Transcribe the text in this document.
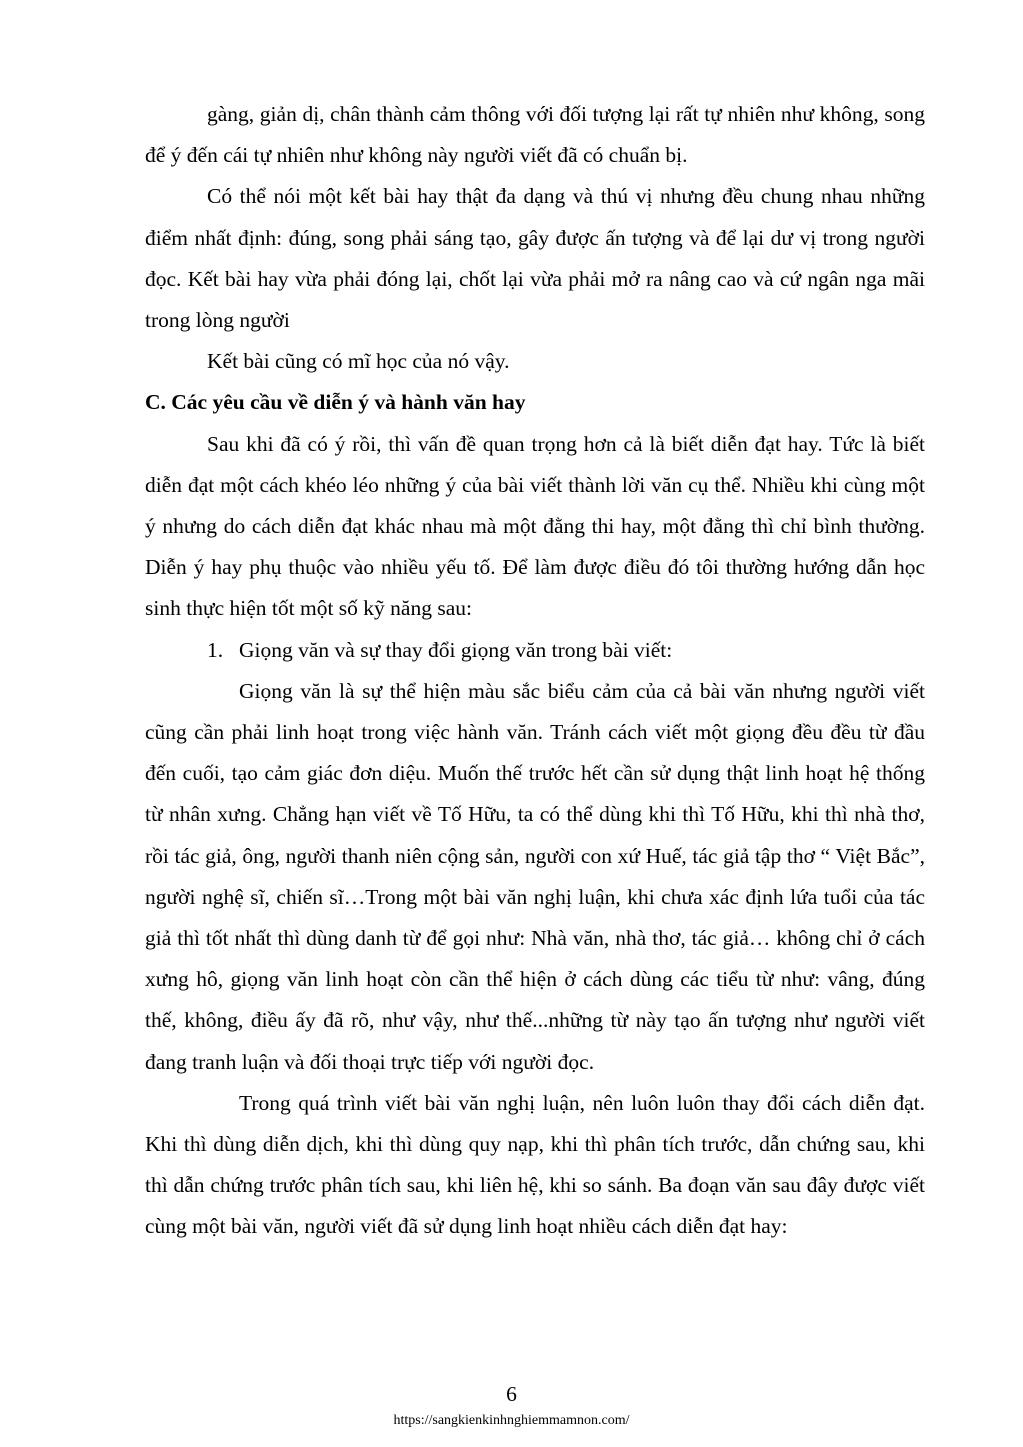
gàng, giản dị, chân thành cảm thông với đối tượng lại rất tự nhiên như không, song để ý đến cái tự nhiên như không này người viết đã có chuẩn bị.

Có thể nói một kết bài hay thật đa dạng và thú vị nhưng đều chung nhau những điểm nhất định: đúng, song phải sáng tạo, gây được ấn tượng và để lại dư vị trong người đọc. Kết bài hay vừa phải đóng lại, chốt lại vừa phải mở ra nâng cao và cứ ngân nga mãi trong lòng người

Kết bài cũng có mĩ học của nó vậy.

C. Các yêu cầu về diễn ý và hành văn hay

Sau khi đã có ý rồi, thì vấn đề quan trọng hơn cả là biết diễn đạt hay. Tức là biết diễn đạt một cách khéo léo những ý của bài viết thành lời văn cụ thể. Nhiều khi cùng một ý nhưng do cách diễn đạt khác nhau mà một đằng thi hay, một đằng thì chỉ bình thường. Diễn ý hay phụ thuộc vào nhiều yếu tố. Để làm được điều đó tôi thường hướng dẫn học sinh thực hiện tốt một số kỹ năng sau:

1. Giọng văn và sự thay đổi giọng văn trong bài viết:

Giọng văn là sự thể hiện màu sắc biểu cảm của cả bài văn nhưng người viết cũng cần phải linh hoạt trong việc hành văn. Tránh cách viết một giọng đều đều từ đầu đến cuối, tạo cảm giác đơn diệu. Muốn thế trước hết cần sử dụng thật linh hoạt hệ thống từ nhân xưng. Chẳng hạn viết về Tố Hữu, ta có thể dùng khi thì Tố Hữu, khi thì nhà thơ, rồi tác giả, ông, người thanh niên cộng sản, người con xứ Huế, tác giả tập thơ “ Việt Bắc”, người nghệ sĩ, chiến sĩ…Trong một bài văn nghị luận, khi chưa xác định lứa tuổi của tác giả thì tốt nhất thì dùng danh từ để gọi như: Nhà văn, nhà thơ, tác giả… không chỉ ở cách xưng hô, giọng văn linh hoạt còn cần thể hiện ở cách dùng các tiểu từ như: vâng, đúng thế, không, điều ấy đã rõ, như vậy, như thế...những từ này tạo ấn tượng như người viết đang tranh luận và đối thoại trực tiếp với người đọc.

Trong quá trình viết bài văn nghị luận, nên luôn luôn thay đổi cách diễn đạt. Khi thì dùng diễn dịch, khi thì dùng quy nạp, khi thì phân tích trước, dẫn chứng sau, khi thì dẫn chứng trước phân tích sau, khi liên hệ, khi so sánh. Ba đoạn văn sau đây được viết cùng một bài văn, người viết đã sử dụng linh hoạt nhiều cách diễn đạt hay:

6
https://sangkienkinhnghiemmamnon.com/
